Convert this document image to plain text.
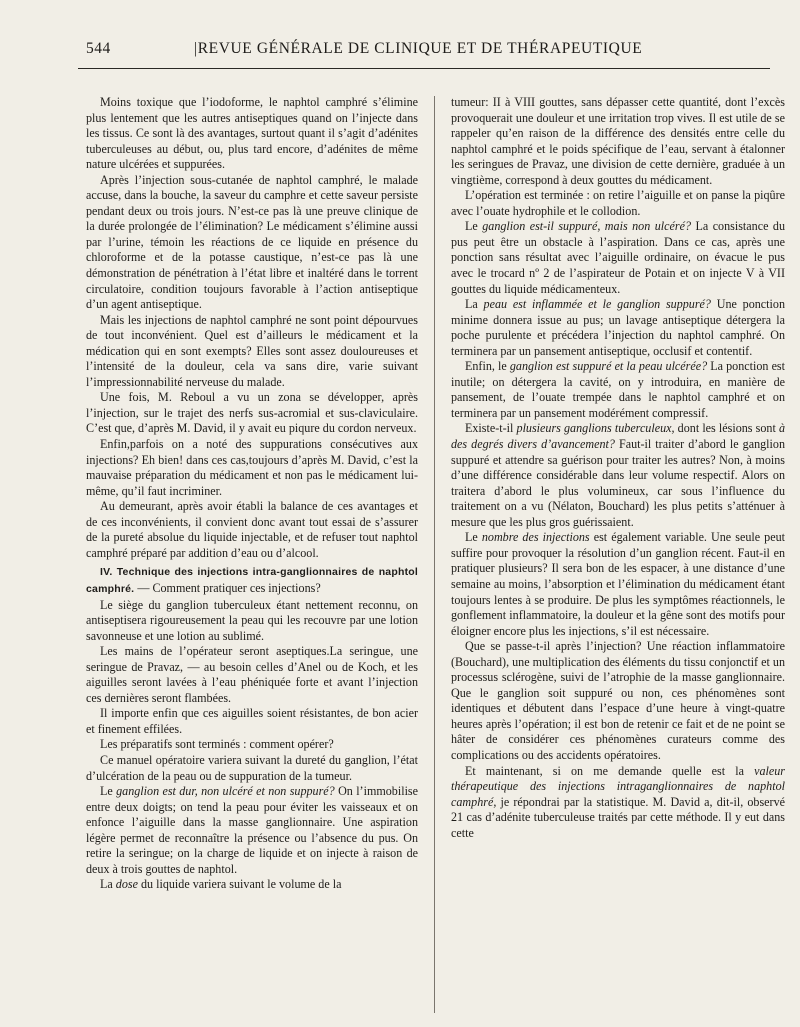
544	|REVUE GÉNÉRALE DE CLINIQUE ET DE THÉRAPEUTIQUE

Moins toxique que l’iodoforme, le naphtol camphré s’élimine plus lentement que les autres antiseptiques quand on l’injecte dans les tissus. Ce sont là des avantages, surtout quant il s’agit d’adénites tuberculeuses au début, ou, plus tard encore, d’adénites de même nature ulcérées et suppurées.

Après l’injection sous-cutanée de naphtol camphré, le malade accuse, dans la bouche, la saveur du camphre et cette saveur persiste pendant deux ou trois jours. N’est-ce pas là une preuve clinique de la durée prolongée de l’élimination? Le médicament s’élimine aussi par l’urine, témoin les réactions de ce liquide en présence du chloroforme et de la potasse caustique, n’est-ce pas là une démonstration de pénétration à l’état libre et inaltéré dans le torrent circulatoire, condition toujours favorable à l’action antiseptique d’un agent antiseptique.

Mais les injections de naphtol camphré ne sont point dépourvues de tout inconvénient. Quel est d’ailleurs le médicament et la médication qui en sont exempts? Elles sont assez douloureuses et l’intensité de la douleur, cela va sans dire, varie suivant l’impressionnabilité nerveuse du malade.

Une fois, M. Reboul a vu un zona se développer, après l’injection, sur le trajet des nerfs sus-acromial et sus-claviculaire. C’est que, d’après M. David, il y avait eu piqure du cordon nerveux.

Enfin,parfois on a noté des suppurations consécutives aux injections? Eh bien! dans ces cas,toujours d’après M. David, c’est la mauvaise préparation du médicament et non pas le médicament lui-même, qu’il faut incriminer.

Au demeurant, après avoir établi la balance de ces avantages et de ces inconvénients, il convient donc avant tout essai de s’assurer de la pureté absolue du liquide injectable, et de refuser tout naphtol camphré préparé par addition d’eau ou d’alcool.

IV. Technique des injections intra-ganglionnaires de naphtol camphré. — Comment pratiquer ces injections?

Le siège du ganglion tuberculeux étant nettement reconnu, on antiseptisera rigoureusement la peau qui les recouvre par une lotion savonneuse et une lotion au sublimé.

Les mains de l’opérateur seront aseptiques.La seringue, une seringue de Pravaz, — au besoin celles d’Anel ou de Koch, et les aiguilles seront lavées à l’eau phéniquée forte et avant l’injection ces dernières seront flambées.

Il importe enfin que ces aiguilles soient résistantes, de bon acier et finement effilées.

Les préparatifs sont terminés : comment opérer?

Ce manuel opératoire variera suivant la dureté du ganglion, l’état d’ulcération de la peau ou de suppuration de la tumeur.

Le ganglion est dur, non ulcéré et non suppuré? On l’immobilise entre deux doigts; on tend la peau pour éviter les vaisseaux et on enfonce l’aiguille dans la masse ganglionnaire. Une aspiration légère permet de reconnaître la présence ou l’absence du pus. On retire la seringue; on la charge de liquide et on injecte à raison de deux à trois gouttes de naphtol.

La dose du liquide variera suivant le volume de la

tumeur: II à VIII gouttes, sans dépasser cette quantité, dont l’excès provoquerait une douleur et une irritation trop vives. Il est utile de se rappeler qu’en raison de la différence des densités entre celle du naphtol camphré et le poids spécifique de l’eau, servant à étalonner les seringues de Pravaz, une division de cette dernière, graduée à un vingtième, correspond à deux gouttes du médicament.

L’opération est terminée : on retire l’aiguille et on panse la piqûre avec l’ouate hydrophile et le collodion.

Le ganglion est-il suppuré, mais non ulcéré? La consistance du pus peut être un obstacle à l’aspiration. Dans ce cas, après une ponction sans résultat avec l’aiguille ordinaire, on évacue le pus avec le trocard nº 2 de l’aspirateur de Potain et on injecte V à VII gouttes du liquide médicamenteux.

La peau est inflammée et le ganglion suppuré? Une ponction minime donnera issue au pus; un lavage antiseptique détergera la poche purulente et précédera l’injection du naphtol camphré. On terminera par un pansement antiseptique, occlusif et contentif.

Enfin, le ganglion est suppuré et la peau ulcérée? La ponction est inutile; on détergera la cavité, on y introduira, en manière de pansement, de l’ouate trempée dans le naphtol camphré et on terminera par un pansement modérément compressif.

Existe-t-il plusieurs ganglions tuberculeux, dont les lésions sont à des degrés divers d’avancement? Faut-il traiter d’abord le ganglion suppuré et attendre sa guérison pour traiter les autres? Non, à moins d’une différence considérable dans leur volume respectif. Alors on traitera d’abord le plus volumineux, car sous l’influence du traitement on a vu (Nélaton, Bouchard) les plus petits s’atténuer à mesure que les plus gros guérissaient.

Le nombre des injections est également variable. Une seule peut suffire pour provoquer la résolution d’un ganglion récent. Faut-il en pratiquer plusieurs? Il sera bon de les espacer, à une distance d’une semaine au moins, l’absorption et l’élimination du médicament étant toujours lentes à se produire. De plus les symptômes réactionnels, le gonflement inflammatoire, la douleur et la gêne sont des motifs pour éloigner encore plus les injections, s’il est nécessaire.

Que se passe-t-il après l’injection? Une réaction inflammatoire (Bouchard), une multiplication des éléments du tissu conjonctif et un processus sclérogène, suivi de l’atrophie de la masse ganglionnaire. Que le ganglion soit suppuré ou non, ces phénomènes sont identiques et débutent dans l’espace d’une heure à vingt-quatre heures après l’opération; il est bon de retenir ce fait et de ne point se hâter de considérer ces phénomènes curateurs comme des complications ou des accidents opératoires.

Et maintenant, si on me demande quelle est la valeur thérapeutique des injections intraganglionnaires de naphtol camphré, je répondrai par la statistique. M. David a, dit-il, observé 21 cas d’adénite tuberculeuse traités par cette méthode. Il y eut dans cette
